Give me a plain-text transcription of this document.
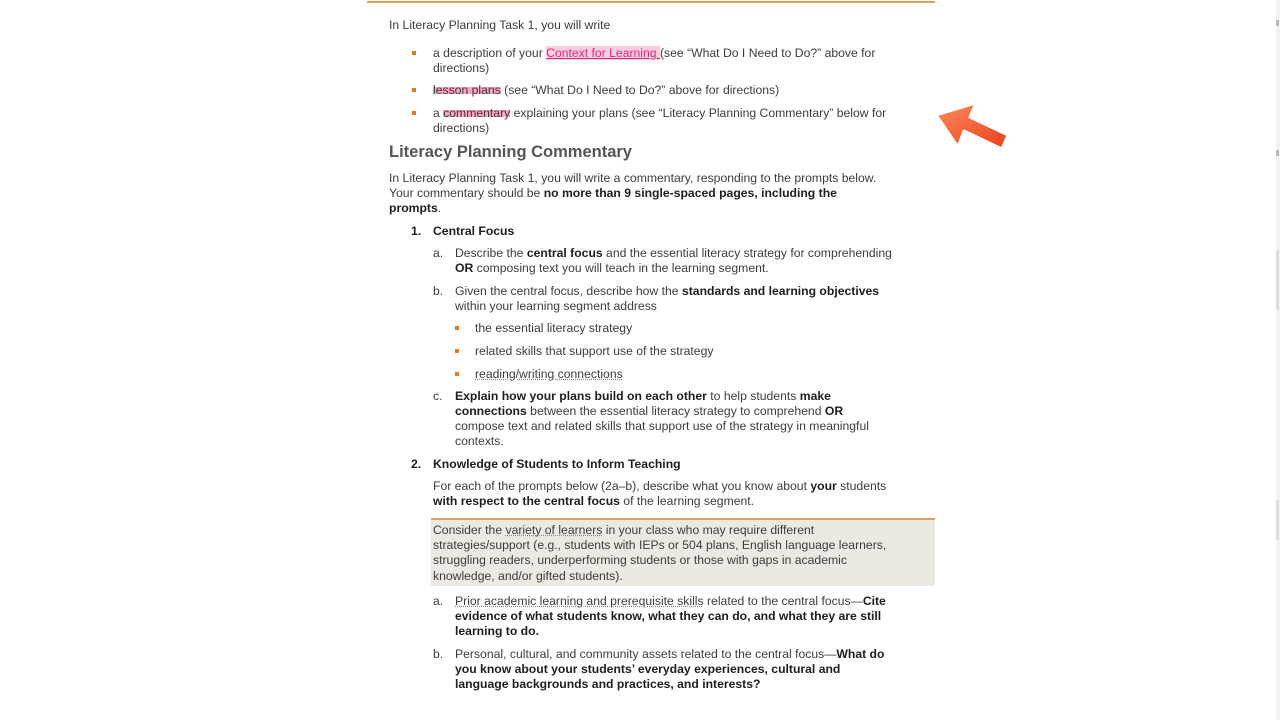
In Literacy Planning Task 1, you will write
a description of your Context for Learning (see “What Do I Need to Do?” above for
directions)
lesson plans (see “What Do I Need to Do?” above for directions)
a commentary explaining your plans (see “Literacy Planning Commentary” below for
directions)
Literacy Planning Commentary
In Literacy Planning Task 1, you will write a commentary, responding to the prompts below.
Your commentary should be no more than 9 single-spaced pages, including the
prompts.
1. Central Focus
a. Describe the central focus and the essential literacy strategy for comprehending
OR composing text you will teach in the learning segment.
b. Given the central focus, describe how the standards and learning objectives
within your learning segment address
the essential literacy strategy
related skills that support use of the strategy
reading/writing connections
c. Explain how your plans build on each other to help students make
connections between the essential literacy strategy to comprehend OR
compose text and related skills that support use of the strategy in meaningful
contexts.
2. Knowledge of Students to Inform Teaching
For each of the prompts below (2a–b), describe what you know about your students
with respect to the central focus of the learning segment.
Consider the variety of learners in your class who may require different
strategies/support (e.g., students with IEPs or 504 plans, English language learners,
struggling readers, underperforming students or those with gaps in academic
knowledge, and/or gifted students).
a. Prior academic learning and prerequisite skills related to the central focus—Cite
evidence of what students know, what they can do, and what they are still
learning to do.
b. Personal, cultural, and community assets related to the central focus—What do
you know about your students’ everyday experiences, cultural and
language backgrounds and practices, and interests?
